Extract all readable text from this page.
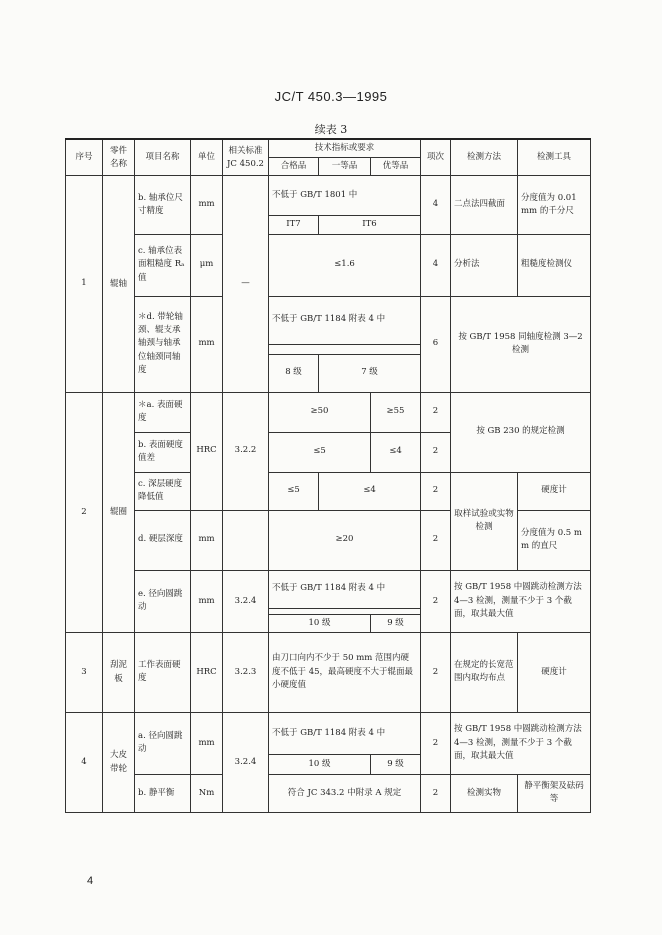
JC/T 450.3—1995
续表 3
序号	零件名称	项目名称	单位	相关标准 JC 450.2	技术指标或要求			项次	检测方法	检测工具
					合格品	一等品	优等品			
1	辊轴	b. 轴承位尺寸精度	mm	—	不低于 GB/T 1801 中			4	二点法四截面	分度值为 0.01 mm 的千分尺
					IT7	IT6				
		c. 轴承位表面粗糙度 Rₐ 值	μm		≤1.6			4	分析法	粗糙度检测仪
		＊d. 带轮轴颈、辊支承轴颈与轴承位轴颈同轴度	mm		不低于 GB/T 1184 附表 4 中			6	按 GB/T 1958 同轴度检测 3—2 检测	

					8 级	7 级				
2	辊圈	＊a. 表面硬度	HRC	3.2.2	≥50		≥55	2	按 GB 230 的规定检测	
		b. 表面硬度值差			≤5		≤4	2		
		c. 深层硬度降低值			≤5	≤4		2	取样试验或实物检测	硬度计
		d. 硬层深度	mm		≥20			2		分度值为 0.5 mm 的直尺
		e. 径向圆跳动	mm	3.2.4	不低于 GB/T 1184 附表 4 中			2	按 GB/T 1958 中圆跳动检测方法 4—3 检测，测量不少于 3 个截面，取其最大值	

					10 级		9 级			
3	刮泥板	工作表面硬度	HRC	3.2.3	由刀口向内不少于 50 mm 范围内硬度不低于 45，最高硬度不大于辊面最小硬度值			2	在规定的长宽范围内取均布点	硬度计
4	大皮带轮	a. 径向圆跳动	mm	3.2.4	不低于 GB/T 1184 附表 4 中			2	按 GB/T 1958 中圆跳动检测方法 4—3 检测，测量不少于 3 个截面，取其最大值	
					10 级		9 级			
		b. 静平衡	Nm		符合 JC 343.2 中附录 A 规定			2	检测实物	静平衡架及砝码等
4
